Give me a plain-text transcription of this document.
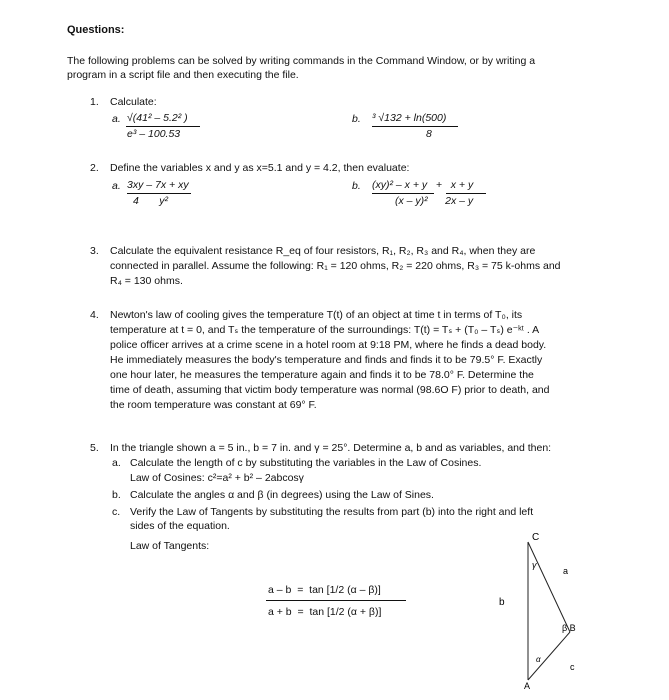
Questions:
The following problems can be solved by writing commands in the Command Window, or by writing a
program in a script file and then executing the file.
1. Calculate:
a. √(41² – 5.2² )
e³ – 100.53
b. ³ √132 + ln(500)
8
2. Define the variables x and y as x=5.1 and y = 4.2, then evaluate:
a. 3xy – 7x + xy
4       y²
b. (xy)² – x + y   +   x + y
(x – y)²      2x – y
3. Calculate the equivalent resistance R_eq of four resistors, R₁, R₂, R₃ and R₄, when they are
connected in parallel. Assume the following: R₁ = 120 ohms, R₂ = 220 ohms, R₃ = 75 k-ohms and
R₄ = 130 ohms.
4. Newton's law of cooling gives the temperature T(t) of an object at time t in terms of T₀, its
temperature at t = 0, and Tₛ the temperature of the surroundings: T(t) = Tₛ + (T₀ – Tₛ) e⁻ᵏᵗ . A
police officer arrives at a crime scene in a hotel room at 9:18 PM, where he finds a dead body.
He immediately measures the body's temperature and finds and finds it to be 79.5° F. Exactly
one hour later, he measures the temperature again and finds it to be 78.0° F. Determine the
time of death, assuming that victim body temperature was normal (98.6O F) prior to death, and
the room temperature was constant at 69° F.
5. In the triangle shown a = 5 in., b = 7 in. and γ = 25°. Determine a, b and as variables, and then:
a. Calculate the length of c by substituting the variables in the Law of Cosines.
Law of Cosines: c²=a² + b² – 2abcosγ
b. Calculate the angles α and β (in degrees) using the Law of Sines.
c. Verify the Law of Tangents by substituting the results from part (b) into the right and left
sides of the equation.
Law of Tangents:
a – b  =  tan [1/2 (α – β)]
a + b  =  tan [1/2 (α + β)]
C
γ
a
b
β B
α
c
A
